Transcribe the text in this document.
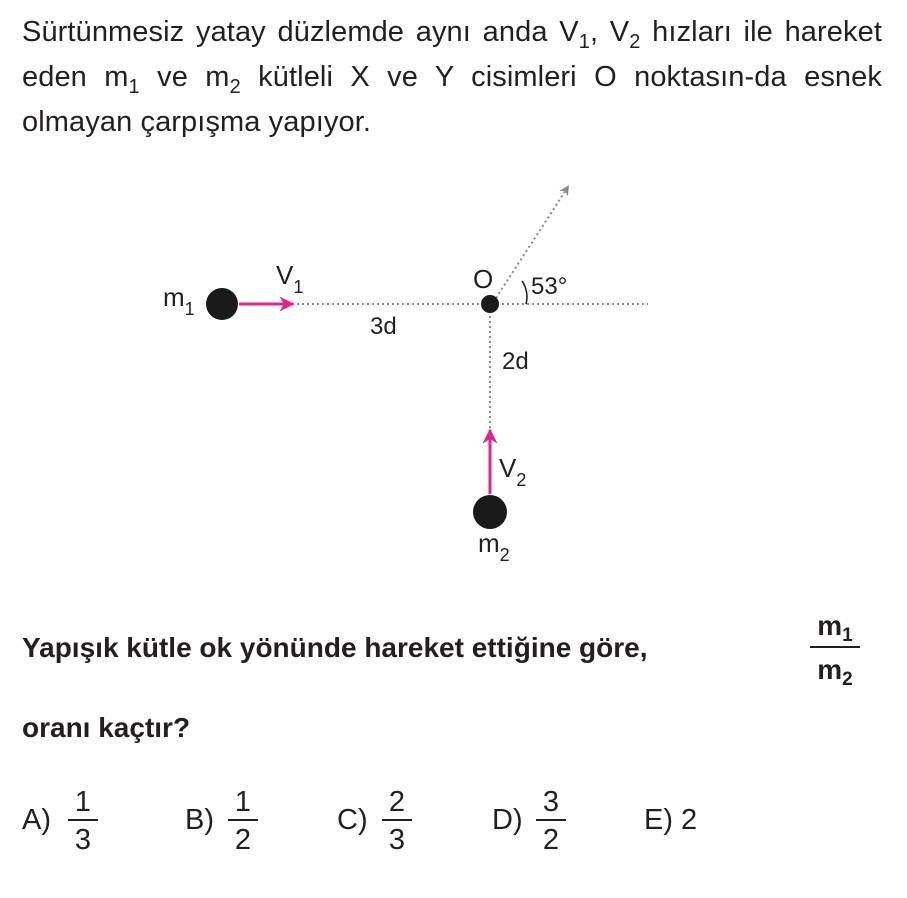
Sürtünmesiz yatay düzlemde aynı anda $V_1$, $V_2$ hızları ile hareket eden $m_1$ ve $m_2$ kütleli X ve Y cisimleri O noktasın-da esnek olmayan çarpışma yapıyor.
$m_1$
$V_1$
3d
O 53°
2d
$V_2$
$m_2$
Yapışık kütle ok yönünde hareket ettiğine göre,
$m_1$
$m_2$
oranı kaçtır?
A)
1
3
B)
1
2
C)
2
3
D)
3
2
E) 2
